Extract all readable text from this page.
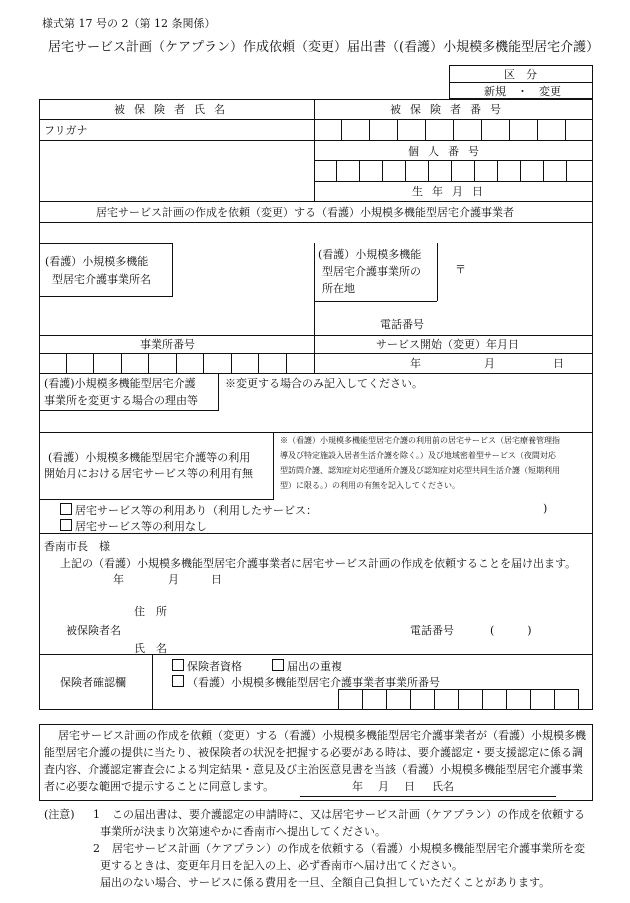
様式第 17 号の 2（第 12 条関係）
居宅サービス計画（ケアプラン）作成依頼（変更）届出書（(看護）小規模多機能型居宅介護）
区　分
新規　・　変更
被保険者氏名	被保険者番号
フリガナ
個人番号
生年月日
居宅サービス計画の作成を依頼（変更）する（看護）小規模多機能型居宅介護事業者
(看護）小規模多機能
型居宅介護事業所名
(看護）小規模多機能
型居宅介護事業所の
所在地
〒
電話番号
事業所番号	サービス開始（変更）年月日
年	月	日
(看護)小規模多機能型居宅介護
事業所を変更する場合の理由等
※変更する場合のみ記入してください。
(看護）小規模多機能型居宅介護等の利用
開始月における居宅サービス等の利用有無
※（看護）小規模多機能型居宅介護の利用前の居宅サービス（居宅療養管理指
導及び特定施設入居者生活介護を除く。）及び地域密着型サービス（夜間対応
型訪問介護、認知症対応型通所介護及び認知症対応型共同生活介護（短期利用
型）に限る。）の利用の有無を記入してください。
居宅サービス等の利用あり（利用したサービス：	)
居宅サービス等の利用なし
香南市長　様
上記の（看護）小規模多機能型居宅介護事業者に居宅サービス計画の作成を依頼することを届け出ます。
年	月	日
住　所
被保険者名
氏　名
電話番号	(　　　)
保険者確認欄
保険者資格	届出の重複
（看護）小規模多機能型居宅介護事業者事業所番号
居宅サービス計画の作成を依頼（変更）する（看護）小規模多機能型居宅介護事業者が（看護）小規模多機
能型居宅介護の提供に当たり、被保険者の状況を把握する必要がある時は、要介護認定・要支援認定に係る調
査内容、介護認定審査会による判定結果・意見及び主治医意見書を当該（看護）小規模多機能型居宅介護事業
者に必要な範囲で提示することに同意します。	年 月 日 氏名
(注意) 1 この届出書は、要介護認定の申請時に、又は居宅サービス計画（ケアプラン）の作成を依頼する
事業所が決まり次第速やかに香南市へ提出してください。
2 居宅サービス計画（ケアプラン）の作成を依頼する（看護）小規模多機能型居宅介護事業所を変
更するときは、変更年月日を記入の上、必ず香南市へ届け出てください。
届出のない場合、サービスに係る費用を一旦、全額自己負担していただくことがあります。
